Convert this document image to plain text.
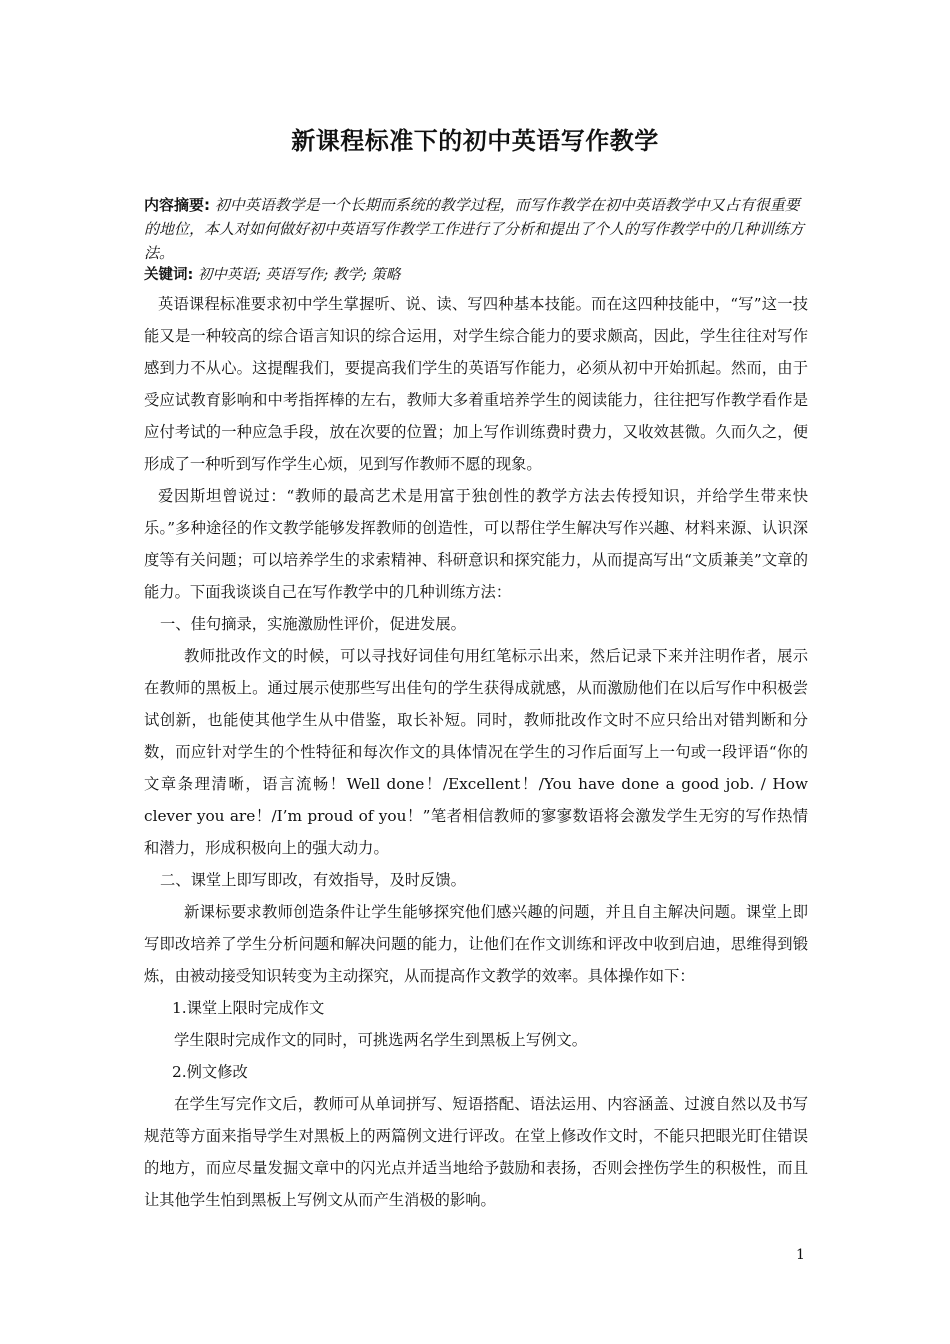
新课程标准下的初中英语写作教学
内容摘要: 初中英语教学是一个长期而系统的教学过程，而写作教学在初中英语教学中又占有很重要的地位，本人对如何做好初中英语写作教学工作进行了分析和提出了个人的写作教学中的几种训练方法。
关键词: 初中英语; 英语写作; 教学; 策略

英语课程标准要求初中学生掌握听、说、读、写四种基本技能。而在这四种技能中，“写”这一技能又是一种较高的综合语言知识的综合运用，对学生综合能力的要求颇高，因此，学生往往对写作感到力不从心。这提醒我们，要提高我们学生的英语写作能力，必须从初中开始抓起。然而，由于受应试教育影响和中考指挥棒的左右，教师大多着重培养学生的阅读能力，往往把写作教学看作是应付考试的一种应急手段，放在次要的位置；加上写作训练费时费力，又收效甚微。久而久之，便形成了一种听到写作学生心烦，见到写作教师不愿的现象。

爱因斯坦曾说过：“教师的最高艺术是用富于独创性的教学方法去传授知识，并给学生带来快乐。”多种途径的作文教学能够发挥教师的创造性，可以帮住学生解决写作兴趣、材料来源、认识深度等有关问题；可以培养学生的求索精神、科研意识和探究能力，从而提高写出“文质兼美”文章的能力。下面我谈谈自己在写作教学中的几种训练方法：

一、佳句摘录，实施激励性评价，促进发展。

教师批改作文的时候，可以寻找好词佳句用红笔标示出来，然后记录下来并注明作者，展示在教师的黑板上。通过展示使那些写出佳句的学生获得成就感，从而激励他们在以后写作中积极尝试创新，也能使其他学生从中借鉴，取长补短。同时，教师批改作文时不应只给出对错判断和分数，而应针对学生的个性特征和每次作文的具体情况在学生的习作后面写上一句或一段评语“你的文章条理清晰，语言流畅！Well done！/Excellent！/You have done a good job. / How clever you are！/I’m proud of you！”笔者相信教师的寥寥数语将会激发学生无穷的写作热情和潜力，形成积极向上的强大动力。

二、课堂上即写即改，有效指导，及时反馈。

新课标要求教师创造条件让学生能够探究他们感兴趣的问题，并且自主解决问题。课堂上即写即改培养了学生分析问题和解决问题的能力，让他们在作文训练和评改中收到启迪，思维得到锻炼，由被动接受知识转变为主动探究，从而提高作文教学的效率。具体操作如下：

1.课堂上限时完成作文

学生限时完成作文的同时，可挑选两名学生到黑板上写例文。

2.例文修改

在学生写完作文后，教师可从单词拼写、短语搭配、语法运用、内容涵盖、过渡自然以及书写规范等方面来指导学生对黑板上的两篇例文进行评改。在堂上修改作文时，不能只把眼光盯住错误的地方，而应尽量发掘文章中的闪光点并适当地给予鼓励和表扬，否则会挫伤学生的积极性，而且让其他学生怕到黑板上写例文从而产生消极的影响。

1
